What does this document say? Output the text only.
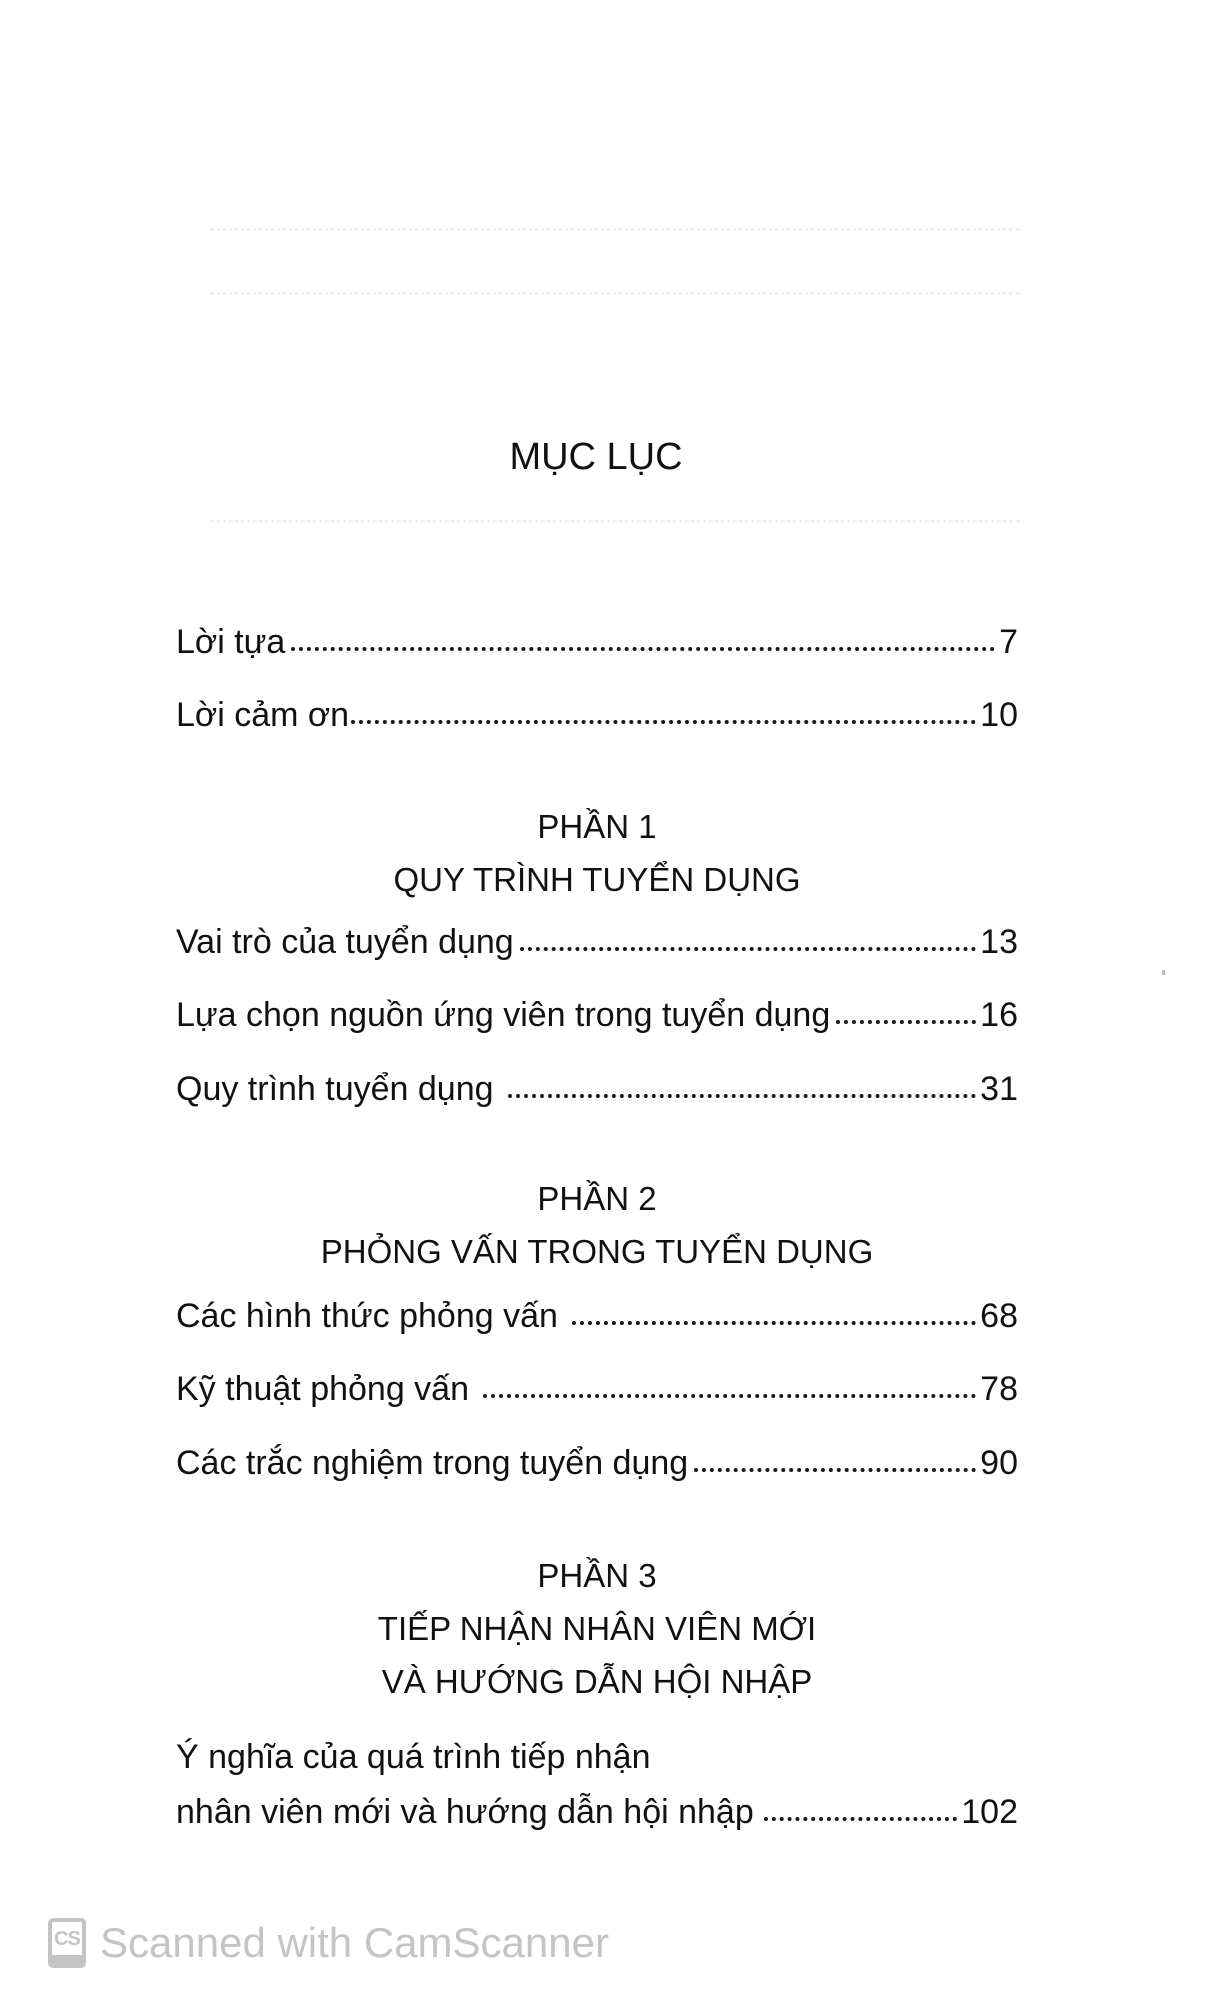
MỤC LỤC
Lời tựa	7
Lời cảm ơn	10
PHẦN 1
QUY TRÌNH TUYỂN DỤNG
Vai trò của tuyển dụng	13
Lựa chọn nguồn ứng viên trong tuyển dụng	16
Quy trình tuyển dụng	31
PHẦN 2
PHỎNG VẤN TRONG TUYỂN DỤNG
Các hình thức phỏng vấn	68
Kỹ thuật phỏng vấn	78
Các trắc nghiệm trong tuyển dụng	90
PHẦN 3
TIẾP NHẬN NHÂN VIÊN MỚI
VÀ HƯỚNG DẪN HỘI NHẬP
Ý nghĩa của quá trình tiếp nhận
nhân viên mới và hướng dẫn hội nhập	102
CS Scanned with CamScanner
